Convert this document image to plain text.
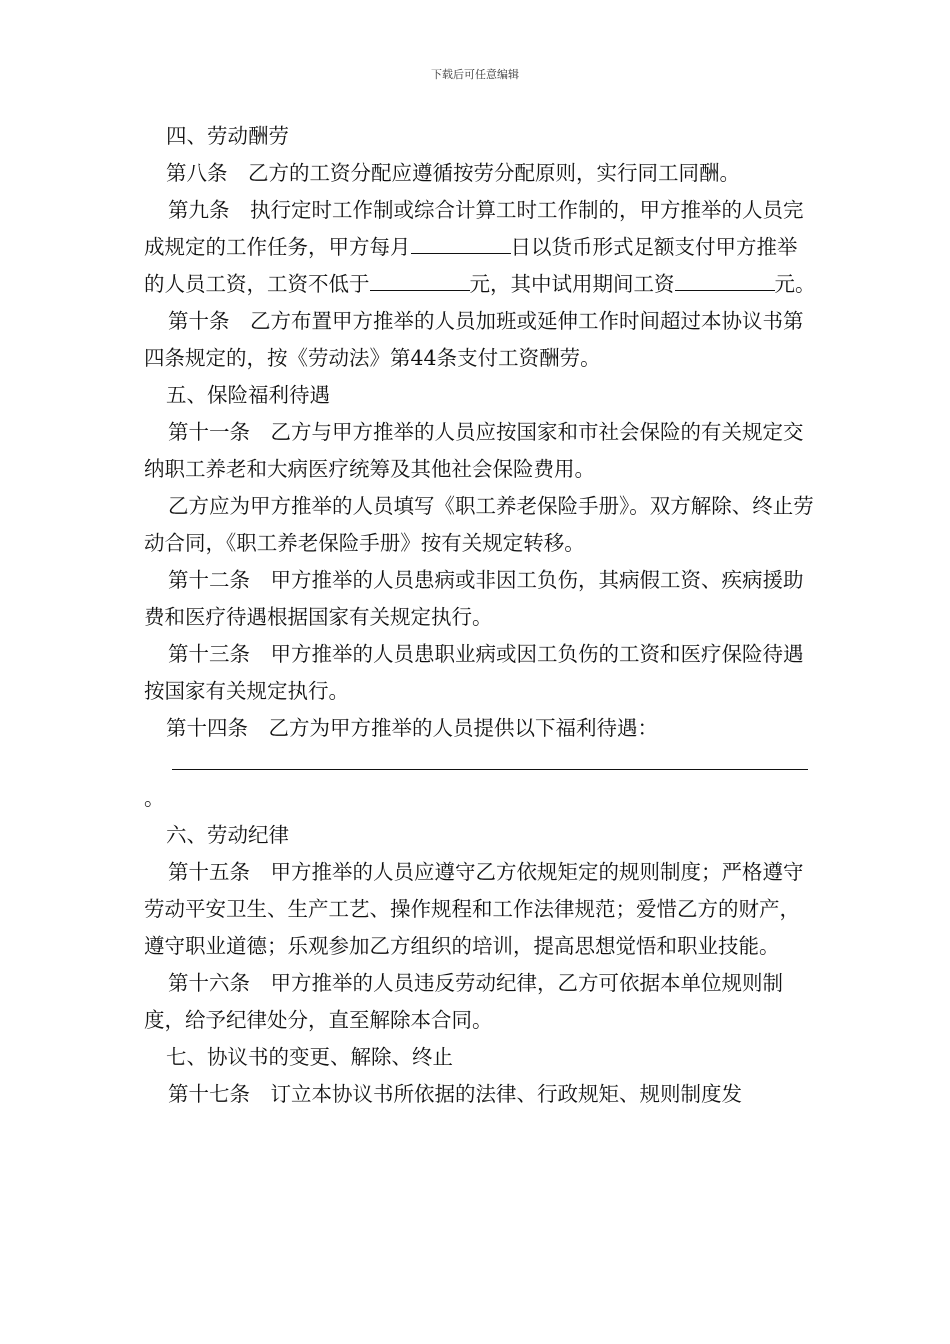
下载后可任意编辑

四、劳动酬劳

第八条　乙方的工资分配应遵循按劳分配原则，实行同工同酬。

第九条　执行定时工作制或综合计算工时工作制的，甲方推举的人员完成规定的工作任务，甲方每月	日以货币形式足额支付甲方推举的人员工资，工资不低于	元，其中试用期间工资	元。

第十条　乙方布置甲方推举的人员加班或延伸工作时间超过本协议书第四条规定的，按《劳动法》第44条支付工资酬劳。

五、保险福利待遇

第十一条　乙方与甲方推举的人员应按国家和市社会保险的有关规定交纳职工养老和大病医疗统筹及其他社会保险费用。

乙方应为甲方推举的人员填写《职工养老保险手册》。双方解除、终止劳动合同，《职工养老保险手册》按有关规定转移。

第十二条　甲方推举的人员患病或非因工负伤，其病假工资、疾病援助费和医疗待遇根据国家有关规定执行。

第十三条　甲方推举的人员患职业病或因工负伤的工资和医疗保险待遇按国家有关规定执行。

第十四条　乙方为甲方推举的人员提供以下福利待遇：

。

六、劳动纪律

第十五条　甲方推举的人员应遵守乙方依规矩定的规则制度；严格遵守劳动平安卫生、生产工艺、操作规程和工作法律规范；爱惜乙方的财产，遵守职业道德；乐观参加乙方组织的培训，提高思想觉悟和职业技能。

第十六条　甲方推举的人员违反劳动纪律，乙方可依据本单位规则制度，给予纪律处分，直至解除本合同。

七、协议书的变更、解除、终止

第十七条　订立本协议书所依据的法律、行政规矩、规则制度发
